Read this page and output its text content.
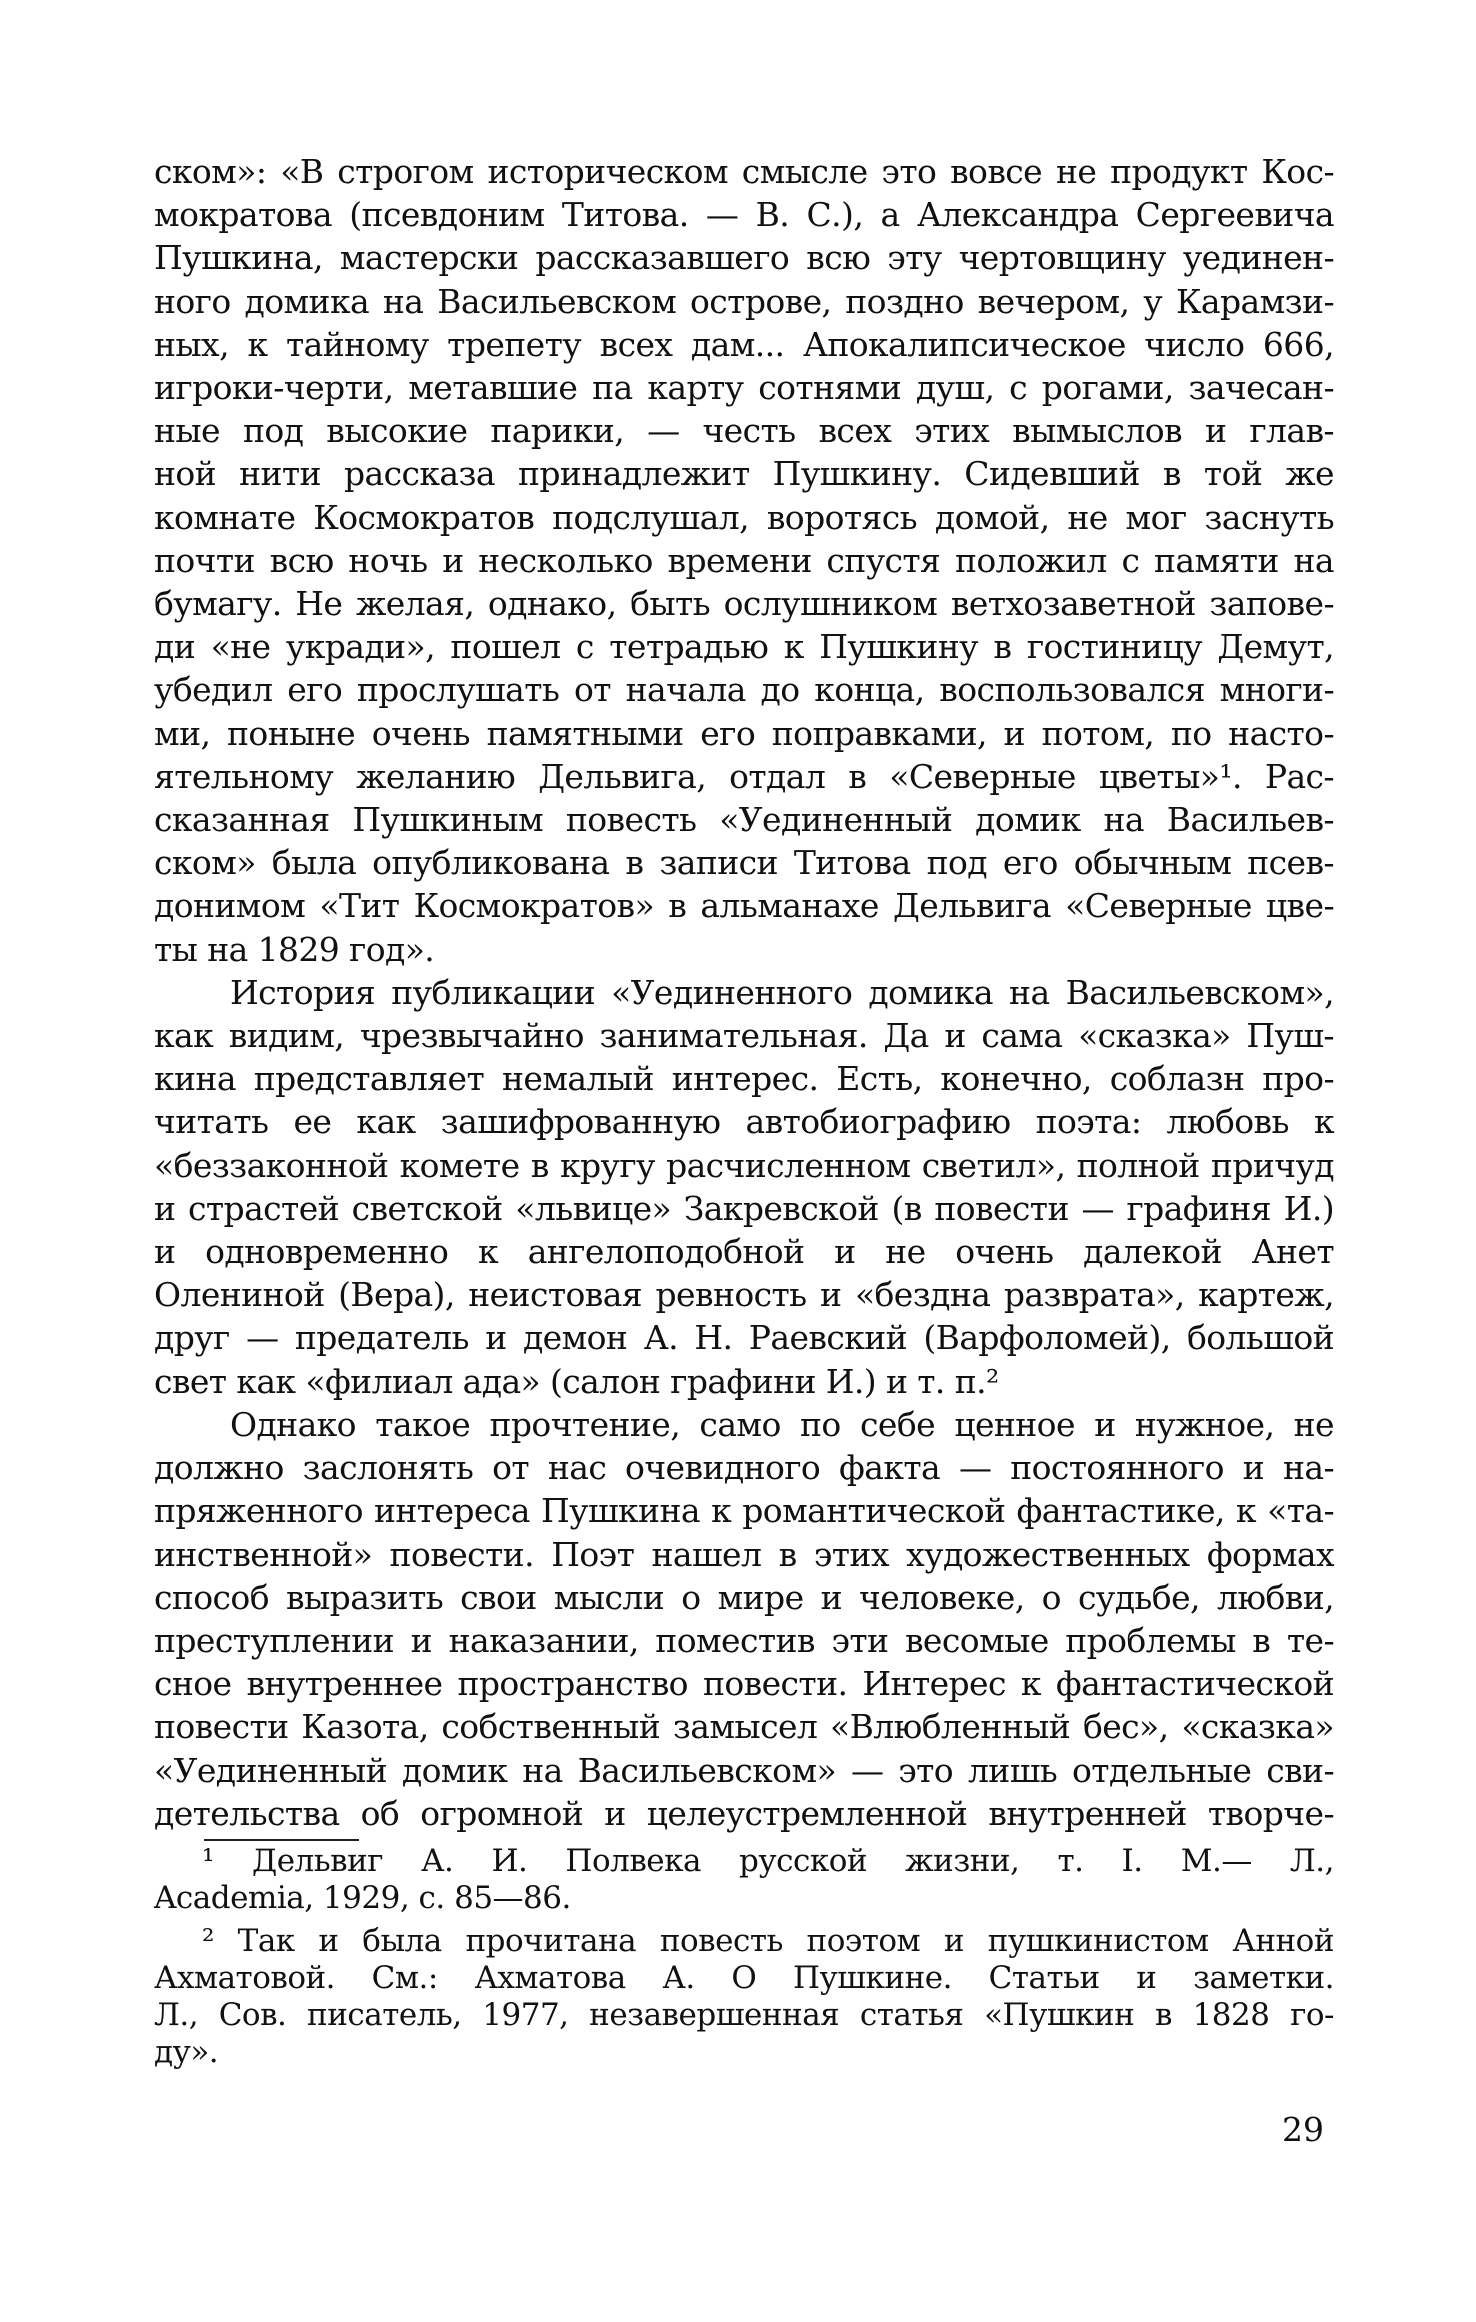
ском»: «В строгом историческом смысле это вовсе не продукт Кос-
мократова (псевдоним Титова. — В. С.), а Александра Сергеевича
Пушкина, мастерски рассказавшего всю эту чертовщину уединен-
ного домика на Васильевском острове, поздно вечером, у Карамзи-
ных, к тайному трепету всех дам... Апокалипсическое число 666,
игроки-черти, метавшие па карту сотнями душ, с рогами, зачесан-
ные под высокие парики, — честь всех этих вымыслов и глав-
ной нити рассказа принадлежит Пушкину. Сидевший в той же
комнате Космократов подслушал, воротясь домой, не мог заснуть
почти всю ночь и несколько времени спустя положил с памяти на
бумагу. Не желая, однако, быть ослушником ветхозаветной запове-
ди «не укради», пошел с тетрадью к Пушкину в гостиницу Демут,
убедил его прослушать от начала до конца, воспользовался многи-
ми, поныне очень памятными его поправками, и потом, по насто-
ятельному желанию Дельвига, отдал в «Северные цветы»¹. Рас-
сказанная Пушкиным повесть «Уединенный домик на Васильев-
ском» была опубликована в записи Титова под его обычным псев-
донимом «Тит Космократов» в альманахе Дельвига «Северные цве-
ты на 1829 год».

История публикации «Уединенного домика на Васильевском»,
как видим, чрезвычайно занимательная. Да и сама «сказка» Пуш-
кина представляет немалый интерес. Есть, конечно, соблазн про-
читать ее как зашифрованную автобиографию поэта: любовь к
«беззаконной комете в кругу расчисленном светил», полной причуд
и страстей светской «львице» Закревской (в повести — графиня И.)
и одновременно к ангелоподобной и не очень далекой Анет
Олениной (Вера), неистовая ревность и «бездна разврата», картеж,
друг — предатель и демон А. Н. Раевский (Варфоломей), большой
свет как «филиал ада» (салон графини И.) и т. п.²

Однако такое прочтение, само по себе ценное и нужное, не
должно заслонять от нас очевидного факта — постоянного и на-
пряженного интереса Пушкина к романтической фантастике, к «та-
инственной» повести. Поэт нашел в этих художественных формах
способ выразить свои мысли о мире и человеке, о судьбе, любви,
преступлении и наказании, поместив эти весомые проблемы в те-
сное внутреннее пространство повести. Интерес к фантастической
повести Казота, собственный замысел «Влюбленный бес», «сказка»
«Уединенный домик на Васильевском» — это лишь отдельные сви-
детельства об огромной и целеустремленной внутренней творче-

¹ Дельвиг А. И. Полвека русской жизни, т. I. М.— Л.,
Academia, 1929, с. 85—86.

² Так и была прочитана повесть поэтом и пушкинистом Анной
Ахматовой. См.: Ахматова А. О Пушкине. Статьи и заметки.
Л., Сов. писатель, 1977, незавершенная статья «Пушкин в 1828 го-
ду».

29
